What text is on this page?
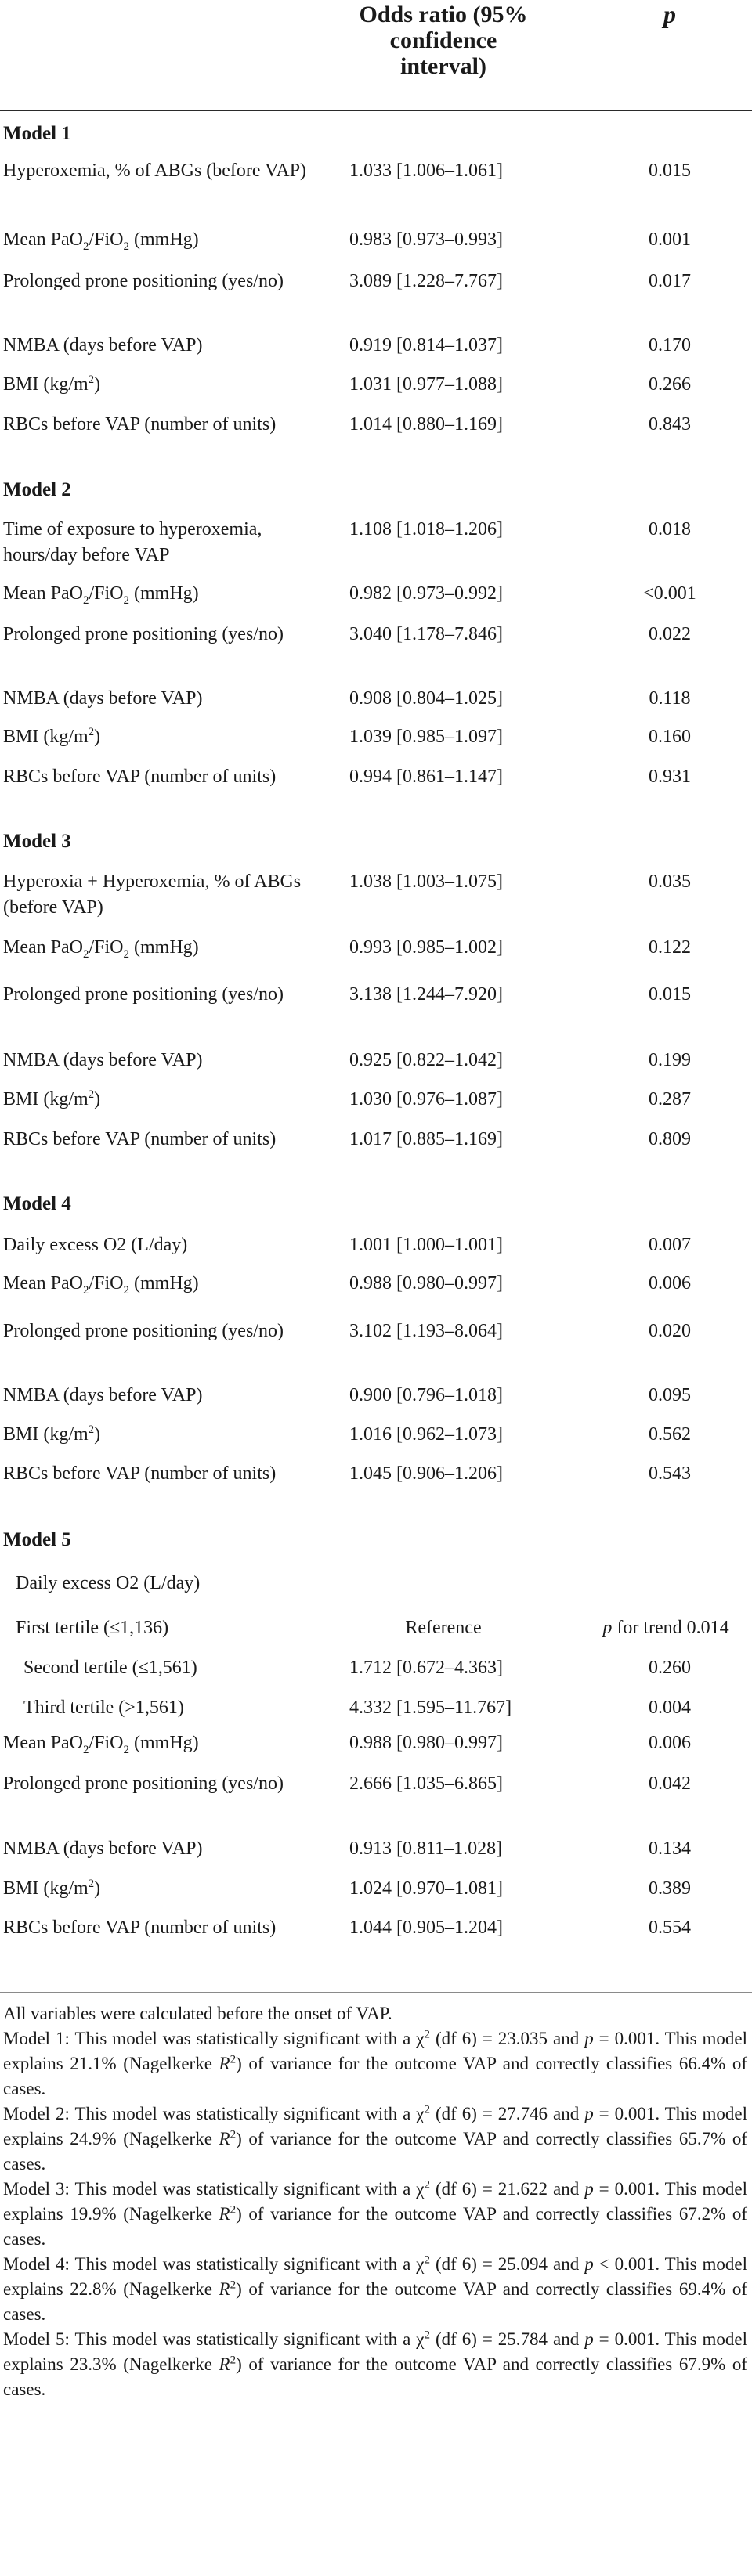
Odds ratio (95% confidence interval)
p
Model 1
Hyperoxemia, % of ABGs (before VAP)	1.033 [1.006–1.061]	0.015
Mean PaO$_2$/FiO$_2$ (mmHg)	0.983 [0.973–0.993]	0.001
Prolonged prone positioning (yes/no)	3.089 [1.228–7.767]	0.017
NMBA (days before VAP)	0.919 [0.814–1.037]	0.170
BMI $(kg/m^2)$	1.031 [0.977–1.088]	0.266
RBCs before VAP (number of units)	1.014 [0.880–1.169]	0.843
Model 2
Time of exposure to hyperoxemia, hours/day before VAP
1.108 [1.018–1.206]	0.018
Mean PaO$_2$/FiO$_2$ (mmHg)	0.982 [0.973–0.992]	<0.001
Prolonged prone positioning (yes/no)	3.040 [1.178–7.846]	0.022
NMBA (days before VAP)	0.908 [0.804–1.025]	0.118
BMI $(kg/m^2)$	1.039 [0.985–1.097]	0.160
RBCs before VAP (number of units)	0.994 [0.861–1.147]	0.931
Model 3
Hyperoxia + Hyperoxemia, % of ABGs (before VAP)
1.038 [1.003–1.075]	0.035
Mean PaO$_2$/FiO$_2$ (mmHg)	0.993 [0.985–1.002]	0.122
Prolonged prone positioning (yes/no)	3.138 [1.244–7.920]	0.015
NMBA (days before VAP)	0.925 [0.822–1.042]	0.199
BMI $(kg/m^2)$	1.030 [0.976–1.087]	0.287
RBCs before VAP (number of units)	1.017 [0.885–1.169]	0.809
Model 4
Daily excess O2 (L/day)	1.001 [1.000–1.001]	0.007
Mean PaO$_2$/FiO$_2$ (mmHg)	0.988 [0.980–0.997]	0.006
Prolonged prone positioning (yes/no)	3.102 [1.193–8.064]	0.020
NMBA (days before VAP)	0.900 [0.796–1.018]	0.095
BMI $(kg/m^2)$	1.016 [0.962–1.073]	0.562
RBCs before VAP (number of units)	1.045 [0.906–1.206]	0.543
Model 5
Daily excess O2 (L/day)
First tertile (≤1,136)	Reference	p for trend 0.014
Second tertile (≤1,561)	1.712 [0.672–4.363]	0.260
Third tertile (>1,561)	4.332 [1.595–11.767]	0.004
Mean PaO$_2$/FiO$_2$ (mmHg)	0.988 [0.980–0.997]	0.006
Prolonged prone positioning (yes/no)	2.666 [1.035–6.865]	0.042
NMBA (days before VAP)	0.913 [0.811–1.028]	0.134
BMI $(kg/m^2)$	1.024 [0.970–1.081]	0.389
RBCs before VAP (number of units)	1.044 [0.905–1.204]	0.554

All variables were calculated before the onset of VAP.

Model 1: This model was statistically significant with a $\chi^2$ (df 6) = 23.035 and p = 0.001. This model explains 21.1% (Nagelkerke $R^2$) of variance for the outcome VAP and correctly classifies 66.4% of cases.

Model 2: This model was statistically significant with a $\chi^2$ (df 6) = 27.746 and p = 0.001. This model explains 24.9% (Nagelkerke $R^2$) of variance for the outcome VAP and correctly classifies 65.7% of cases.

Model 3: This model was statistically significant with a $\chi^2$ (df 6) = 21.622 and p = 0.001. This model explains 19.9% (Nagelkerke $R^2$) of variance for the outcome VAP and correctly classifies 67.2% of cases.

Model 4: This model was statistically significant with a $\chi^2$ (df 6) = 25.094 and p < 0.001. This model explains 22.8% (Nagelkerke $R^2$) of variance for the outcome VAP and correctly classifies 69.4% of cases.

Model 5: This model was statistically significant with a $\chi^2$ (df 6) = 25.784 and p = 0.001. This model explains 23.3% (Nagelkerke $R^2$) of variance for the outcome VAP and correctly classifies 67.9% of cases.
